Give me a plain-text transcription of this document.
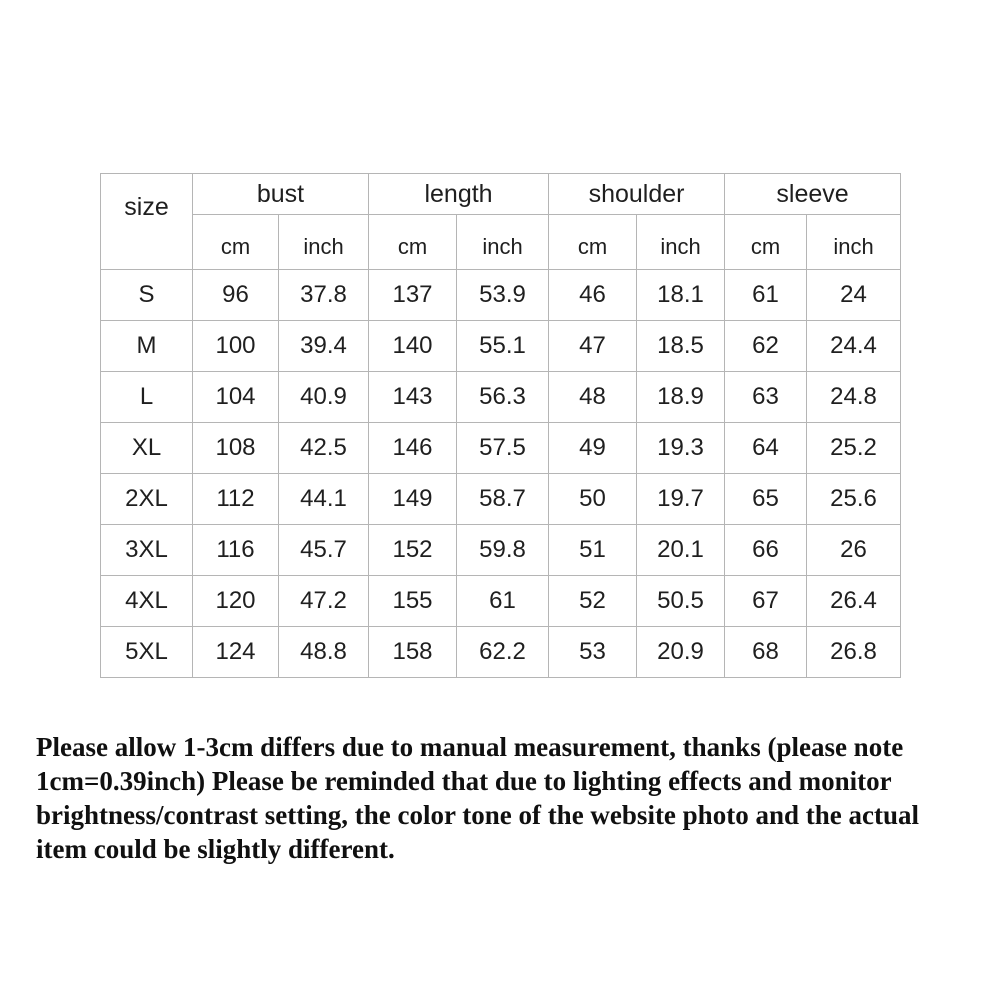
size	bust		length		shoulder		sleeve	
	cm	inch	cm	inch	cm	inch	cm	inch
S	96	37.8	137	53.9	46	18.1	61	24
M	100	39.4	140	55.1	47	18.5	62	24.4
L	104	40.9	143	56.3	48	18.9	63	24.8
XL	108	42.5	146	57.5	49	19.3	64	25.2
2XL	112	44.1	149	58.7	50	19.7	65	25.6
3XL	116	45.7	152	59.8	51	20.1	66	26
4XL	120	47.2	155	61	52	50.5	67	26.4
5XL	124	48.8	158	62.2	53	20.9	68	26.8

Please allow 1-3cm differs due to manual measurement, thanks (please note 1cm=0.39inch) Please be reminded that due to lighting effects and monitor brightness/contrast setting, the color tone of the website photo and the actual item could be slightly different.
